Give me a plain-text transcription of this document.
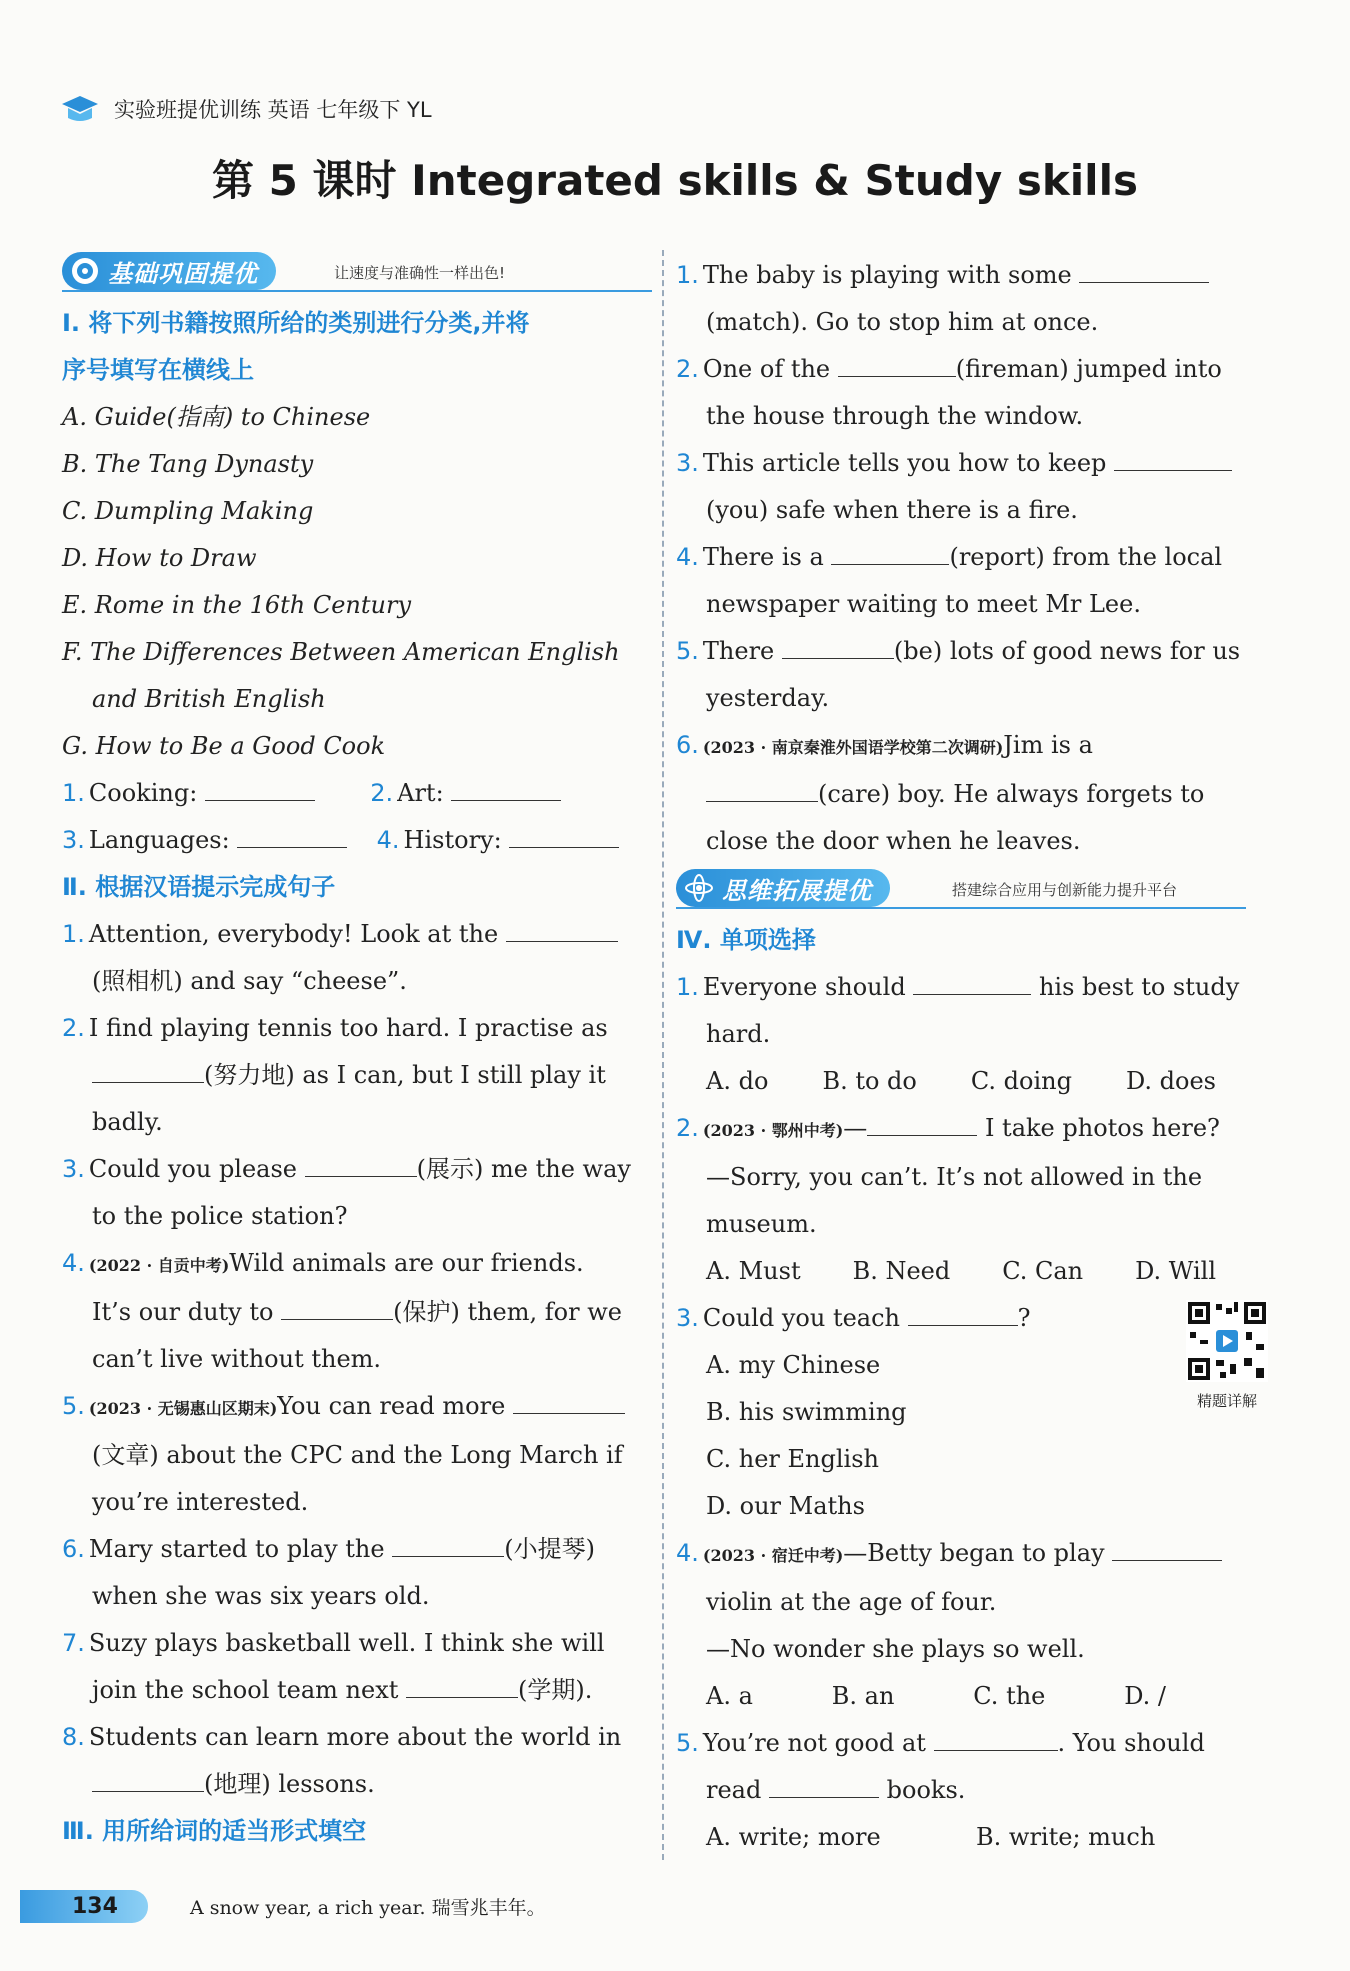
实验班提优训练 英语 七年级下 YL
第 5 课时 Integrated skills & Study skills
基础巩固提优	让速度与准确性一样出色!
Ⅰ. 将下列书籍按照所给的类别进行分类,并将
序号填写在横线上
A. Guide(指南) to Chinese
B. The Tang Dynasty
C. Dumpling Making
D. How to Draw
E. Rome in the 16th Century
F. The Differences Between American English
and British English
G. How to Be a Good Cook
1. Cooking:	2. Art:
3. Languages:	4. History:
Ⅱ. 根据汉语提示完成句子
1. Attention, everybody! Look at the
(照相机) and say “cheese”.
2. I find playing tennis too hard. I practise as
(努力地) as I can, but I still play it
badly.
3. Could you please	(展示) me the way
to the police station?
4. (2022 · 自贡中考)Wild animals are our friends.
It’s our duty to	(保护) them, for we
can’t live without them.
5. (2023 · 无锡惠山区期末)You can read more
(文章) about the CPC and the Long March if
you’re interested.
6. Mary started to play the	(小提琴)
when she was six years old.
7. Suzy plays basketball well. I think she will
join the school team next	(学期).
8. Students can learn more about the world in
(地理) lessons.
Ⅲ. 用所给词的适当形式填空
1. The baby is playing with some
(match). Go to stop him at once.
2. One of the	(fireman) jumped into
the house through the window.
3. This article tells you how to keep
(you) safe when there is a fire.
4. There is a	(report) from the local
newspaper waiting to meet Mr Lee.
5. There	(be) lots of good news for us
yesterday.
6. (2023 · 南京秦淮外国语学校第二次调研)Jim is a
(care) boy. He always forgets to
close the door when he leaves.
思维拓展提优	搭建综合应用与创新能力提升平台
Ⅳ. 单项选择
1. Everyone should	his best to study
hard.
A. do B. to do C. doing D. does
2. (2023 · 鄂州中考)—	I take photos here?
—Sorry, you can’t. It’s not allowed in the
museum.
A. Must B. Need C. Can D. Will
3. Could you teach	?
A. my Chinese
B. his swimming
C. her English
D. our Maths
4. (2023 · 宿迁中考)—Betty began to play
violin at the age of four.
—No wonder she plays so well.
A. a	B. an	C. the	D. /
5. You’re not good at	. You should
read	books.
A. write; more	B. write; much
精题详解
134	A snow year, a rich year. 瑞雪兆丰年。
